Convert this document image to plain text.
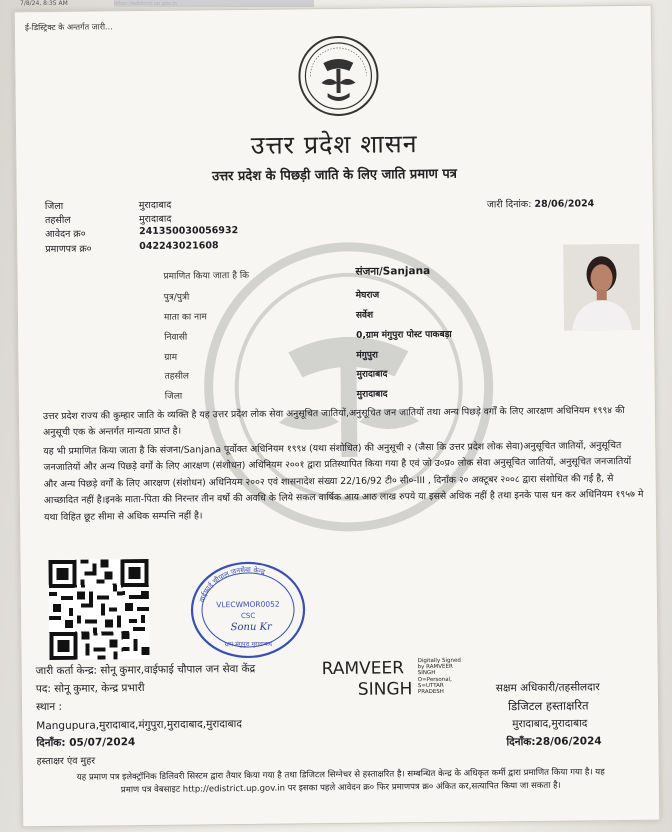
7/8/24, 8:35 AM	https://edistrict.up.gov.in
ई-डिस्ट्रिक्ट के अन्तर्गत जारी...
उत्तर प्रदेश शासन
उत्तर प्रदेश के पिछड़ी जाति के लिए जाति प्रमाण पत्र
जिला	मुरादाबाद
तहसील	मुरादाबाद
आवेदन क्र०	241350030056932
प्रमाणपत्र क्र०	042243021608
जारी दिनांक: 28/06/2024
प्रमाणित किया जाता है कि	संजना/Sanjana
पुत्र/पुत्री	मेघराज
माता का नाम	सर्वेश
निवासी	0,ग्राम मंगुपुरा पोस्ट पाकबड़ा
ग्राम	मंगुपुरा
तहसील	मुरादाबाद
जिला	मुरादाबाद
उत्तर प्रदेश राज्य की कुम्हार जाति के व्यक्ति है यह उत्तर प्रदेश लोक सेवा अनुसूचित जातियों,अनुसूचित जन जातियों तथा अन्य पिछड़े वर्गों के लिए आरक्षण अधिनियम १९९४ की अनुसूची एक के अन्तर्गत मान्यता प्राप्त है।
यह भी प्रमाणित किया जाता है कि संजना/Sanjana पूर्वोक्त अधिनियम १९९४ (यथा संशोधित) की अनुसूची २ (जैसा कि उत्तर प्रदेश लोक सेवा)अनुसूचित जातियों, अनुसूचित जनजातियों और अन्य पिछड़े वर्गों के लिए आरक्षण (संशोधन) अधिनियम २००१ द्वारा प्रतिस्थापित किया गया है एवं जो उ०प्र० लोक सेवा अनुसूचित जातियों, अनुसूचित जनजातियों और अन्य पिछड़े वर्गों के लिए आरक्षण (संशोधन) अधिनियम २००२ एवं शासनादेश संख्या 22/16/92 टी० सी०-III , दिनाँक २० अक्टूबर २००८ द्वारा संशोधित की गई है, से आच्छादित नहीं है।इनके माता-पिता की निरन्तर तीन वर्षो की अवधि के लिये सकल वार्षिक आय आठ लाख रुपये या इससे अधिक नहीं है तथा इनके पास धन कर अधिनियम १९५७ मे यथा विहित छूट सीमा से अधिक सम्पत्ति नहीं है।
वाईफाई चौपाल जनसेवा केन्द्र
VLECWMOR0052
CSC
Sonu Kr
ग्राम मंगुपुरा मुरादाबाद
जारी कर्ता केन्द्र: सोनू कुमार,वाईफाई चौपाल जन सेवा केंद्र
पद: सोनू कुमार, केन्द्र प्रभारी
स्थान :
Mangupura,मुरादाबाद,मंगुपुरा,मुरादाबाद,मुरादाबाद
दिनाँक: 05/07/2024
हस्ताक्षर एंव मुहर
RAMVEER
SINGH
Digitally Signed
by RAMVEER
SINGH
O=Personal,
S=UTTAR
PRADESH	सक्षम अधिकारी/तहसीलदार
डिजिटल हस्ताक्षरित
मुरादाबाद,मुरादाबाद
दिनाँक:28/06/2024
यह प्रमाण पत्र इलेक्ट्रॉनिक डिलिवरी सिस्टम द्वारा तैयार किया गया है तथा डिजिटल सिग्नेचर से हस्ताक्षरित है। सम्बन्धित केन्द्र के अधिकृत कर्मी द्वारा प्रमाणित किया गया है। यह
प्रमाण पत्र वेबसाइट http://edistrict.up.gov.in पर इसका पहले आवेदन क्र० फिर प्रमाणपत्र क्र० अंकित कर,सत्यापित किया जा सकता है।
